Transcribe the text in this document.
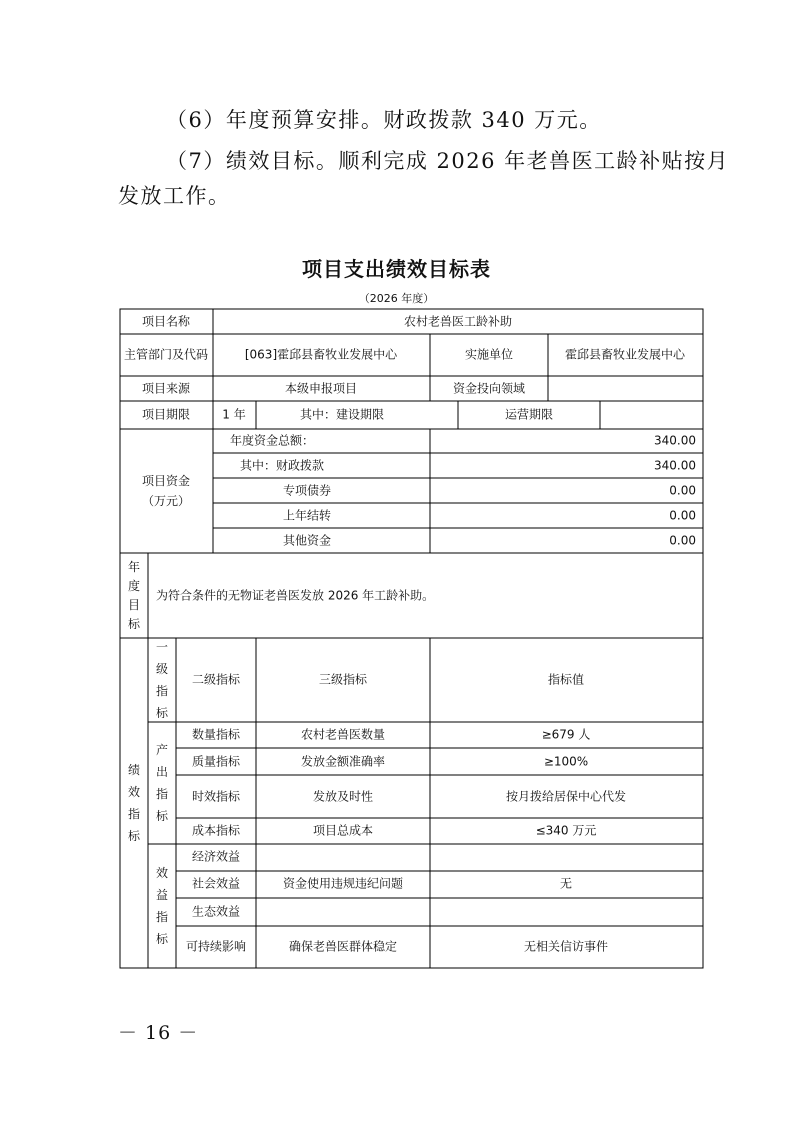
（6）年度预算安排。财政拨款 340 万元。
（7）绩效目标。顺利完成 2026 年老兽医工龄补贴按月
发放工作。
项目支出绩效目标表
（2026 年度）
项目名称	农村老兽医工龄补助
主管部门及代码	[063]霍邱县畜牧业发展中心	实施单位	霍邱县畜牧业发展中心
项目来源	本级申报项目	资金投向领域
项目期限	1 年	其中：建设期限	运营期限
项目资金（万元）
年度资金总额：	340.00
其中：财政拨款	340.00
专项债券	0.00
上年结转	0.00
其他资金	0.00
年度目标
为符合条件的无物证老兽医发放 2026 年工龄补助。
绩效指标
一级指标
二级指标	三级指标	指标值
产出指标
数量指标	农村老兽医数量	≥679 人
质量指标	发放金额准确率	≥100%
时效指标	发放及时性	按月拨给居保中心代发
成本指标	项目总成本	≤340 万元
效益指标
经济效益
社会效益	资金使用违规违纪问题	无
生态效益
可持续影响	确保老兽医群体稳定	无相关信访事件
－ 16 －
